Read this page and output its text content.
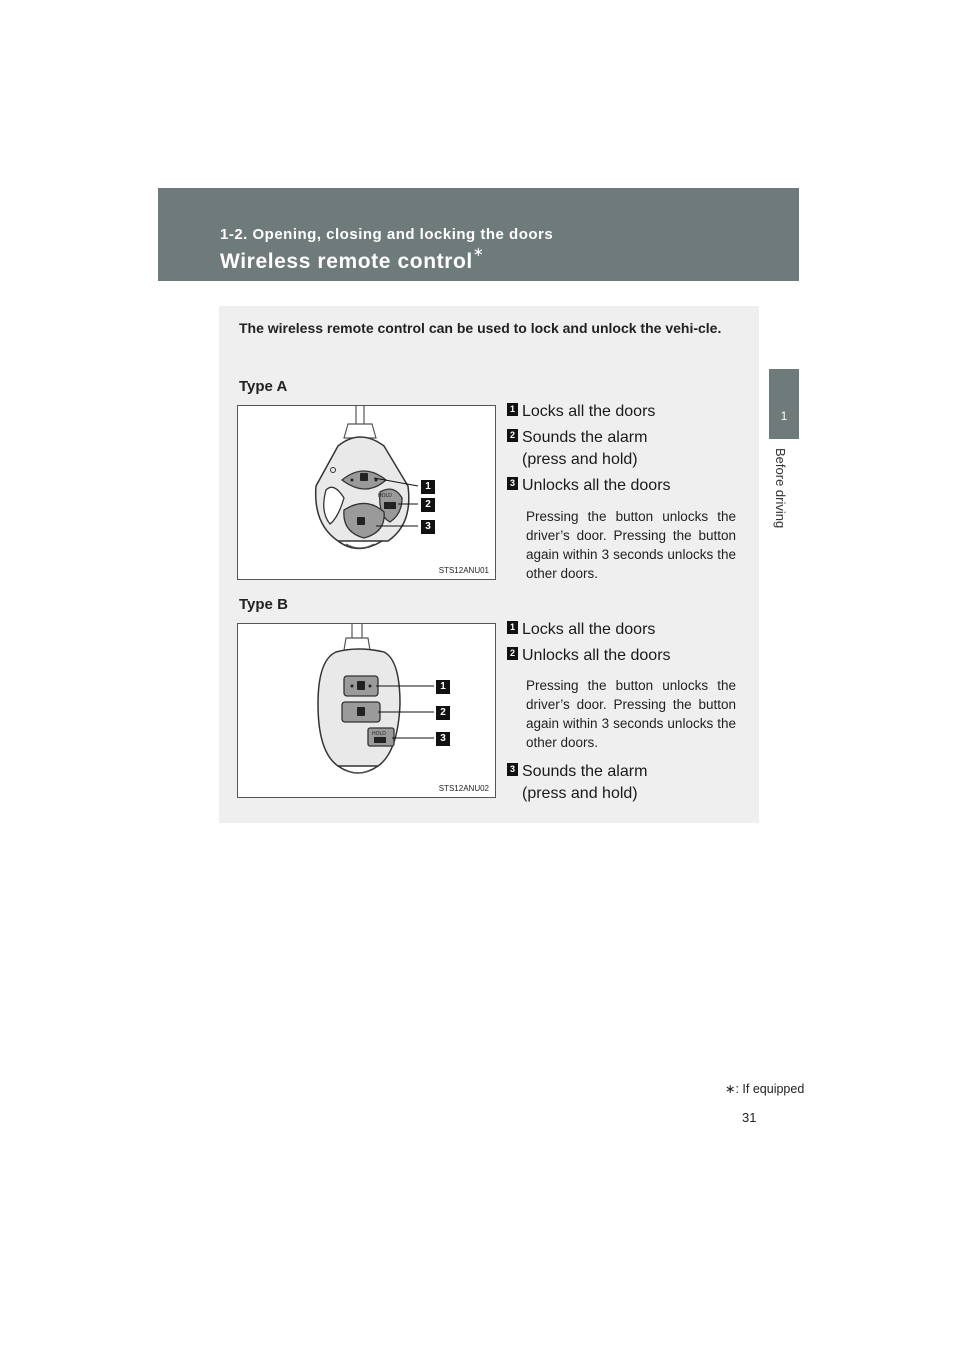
1-2. Opening, closing and locking the doors
Wireless remote control∗
1
Before driving
The wireless remote control can be used to lock and unlock the vehi-cle.
Type A
HOLD
1
2
3
STS12ANU01
1 Locks all the doors
2 Sounds the alarm
(press and hold)
3 Unlocks all the doors
Pressing the button unlocks the driver’s door. Pressing the button again within 3 seconds unlocks the other doors.
Type B
HOLD
1
2
3
STS12ANU02
1 Locks all the doors
2 Unlocks all the doors
Pressing the button unlocks the driver’s door. Pressing the button again within 3 seconds unlocks the other doors.
3 Sounds the alarm
(press and hold)
∗: If equipped
31
